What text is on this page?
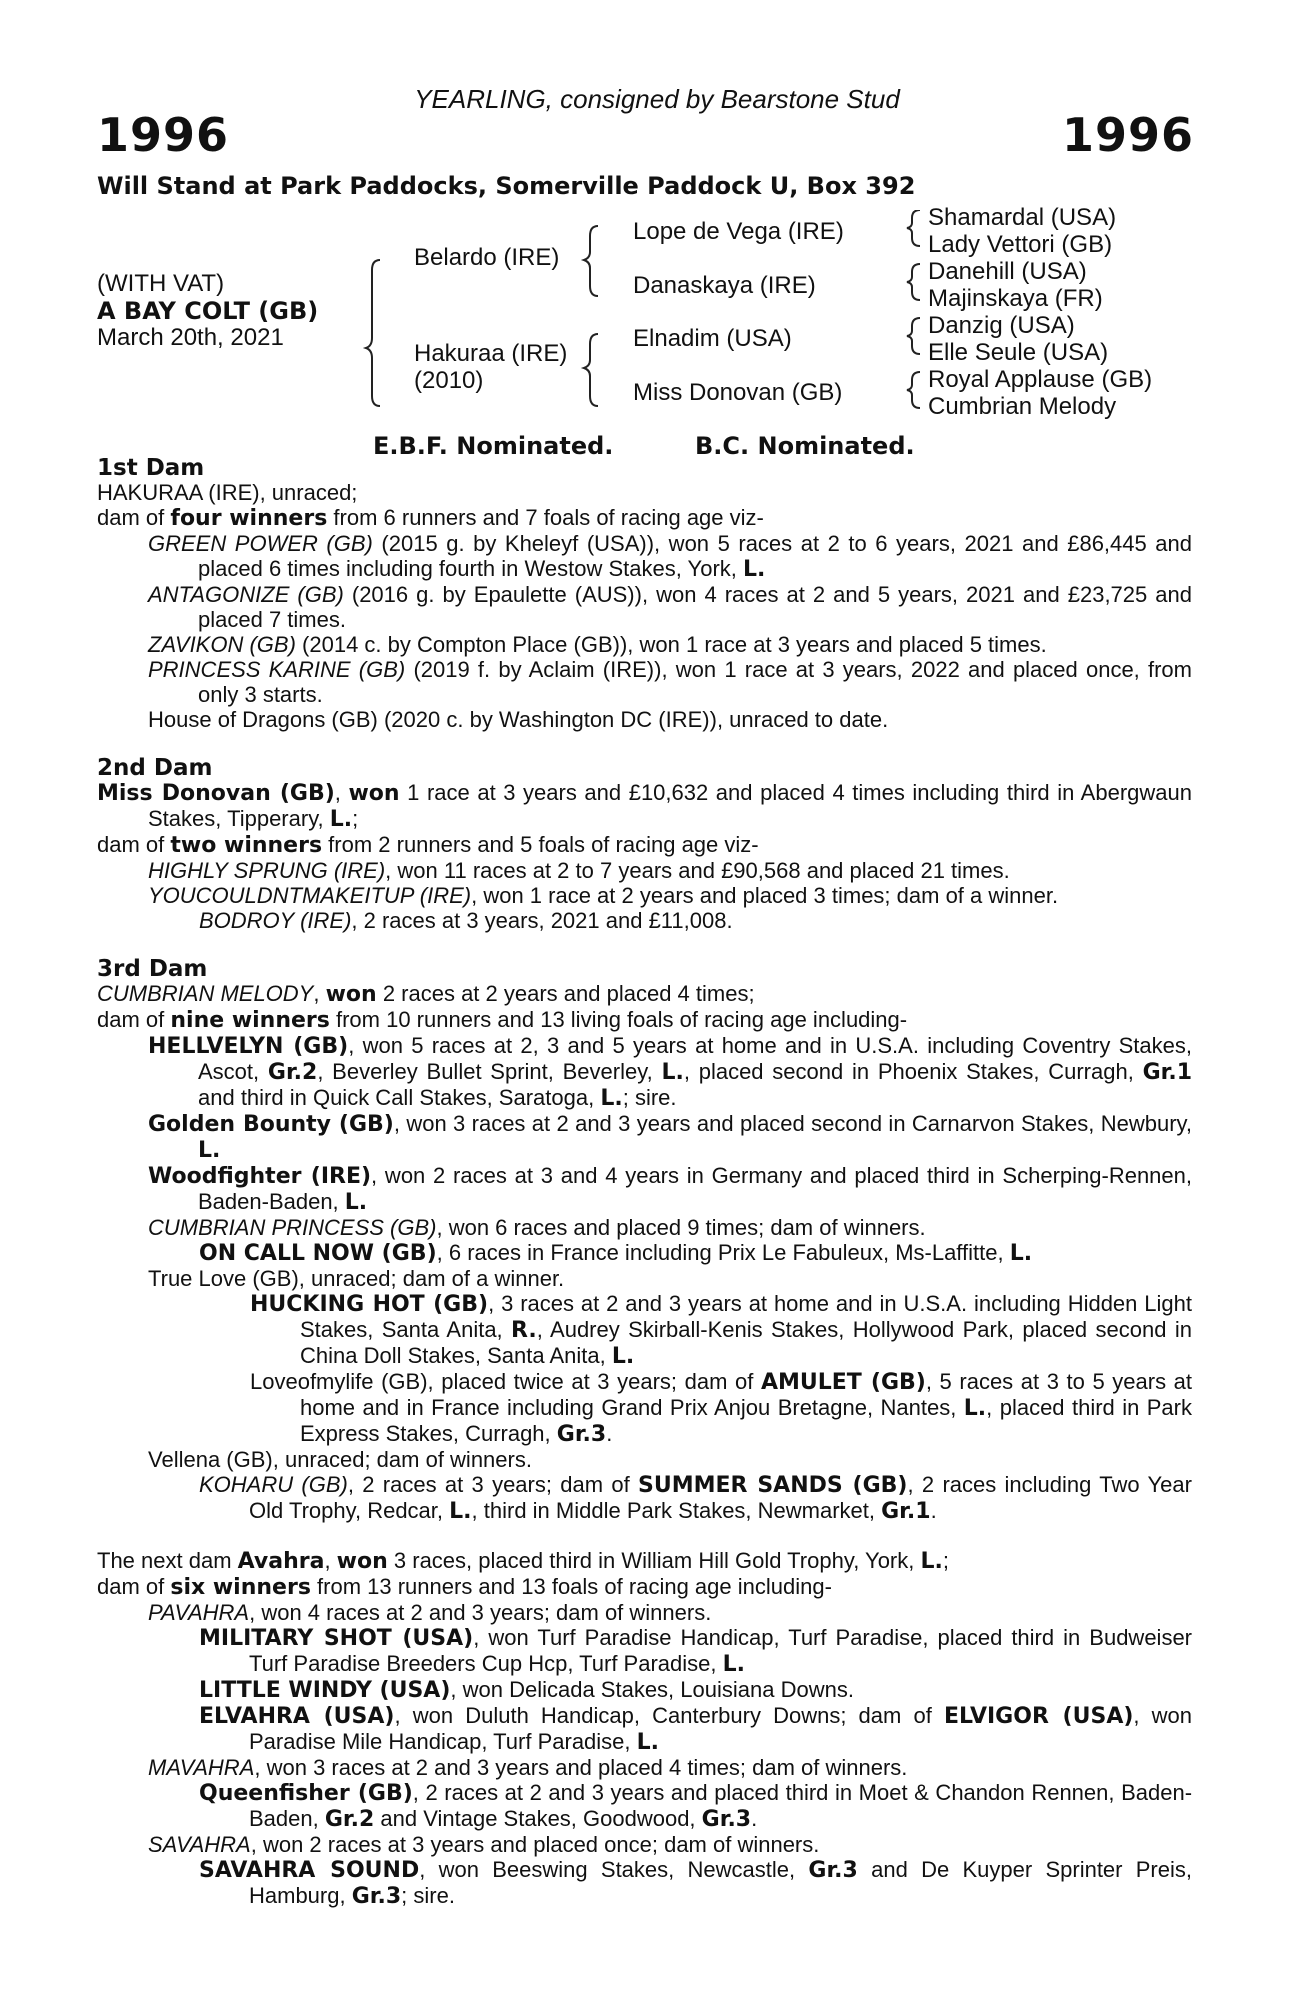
YEARLING, consigned by Bearstone Stud
1996	1996
Will Stand at Park Paddocks, Somerville Paddock U, Box 392
(WITH VAT)
A BAY COLT (GB)
March 20th, 2021
Belardo (IRE)
Hakuraa (IRE)
(2010)
Lope de Vega (IRE)
Danaskaya (IRE)
Elnadim (USA)
Miss Donovan (GB)
Shamardal (USA)
Lady Vettori (GB)
Danehill (USA)
Majinskaya (FR)
Danzig (USA)
Elle Seule (USA)
Royal Applause (GB)
Cumbrian Melody
E.B.F. Nominated.	B.C. Nominated.
1st Dam
HAKURAA (IRE), unraced;
dam of four winners from 6 runners and 7 foals of racing age viz-
GREEN POWER (GB) (2015 g. by Kheleyf (USA)), won 5 races at 2 to 6 years, 2021 and £86,445 and placed 6 times including fourth in Westow Stakes, York, L.
ANTAGONIZE (GB) (2016 g. by Epaulette (AUS)), won 4 races at 2 and 5 years, 2021 and £23,725 and placed 7 times.
ZAVIKON (GB) (2014 c. by Compton Place (GB)), won 1 race at 3 years and placed 5 times.
PRINCESS KARINE (GB) (2019 f. by Aclaim (IRE)), won 1 race at 3 years, 2022 and placed once, from only 3 starts.
House of Dragons (GB) (2020 c. by Washington DC (IRE)), unraced to date.
2nd Dam
Miss Donovan (GB), won 1 race at 3 years and £10,632 and placed 4 times including third in Abergwaun Stakes, Tipperary, L.;
dam of two winners from 2 runners and 5 foals of racing age viz-
HIGHLY SPRUNG (IRE), won 11 races at 2 to 7 years and £90,568 and placed 21 times.
YOUCOULDNTMAKEITUP (IRE), won 1 race at 2 years and placed 3 times; dam of a winner.
BODROY (IRE), 2 races at 3 years, 2021 and £11,008.
3rd Dam
CUMBRIAN MELODY, won 2 races at 2 years and placed 4 times;
dam of nine winners from 10 runners and 13 living foals of racing age including-
HELLVELYN (GB), won 5 races at 2, 3 and 5 years at home and in U.S.A. including Coventry Stakes, Ascot, Gr.2, Beverley Bullet Sprint, Beverley, L., placed second in Phoenix Stakes, Curragh, Gr.1 and third in Quick Call Stakes, Saratoga, L.; sire.
Golden Bounty (GB), won 3 races at 2 and 3 years and placed second in Carnarvon Stakes, Newbury, L.
Woodfighter (IRE), won 2 races at 3 and 4 years in Germany and placed third in Scherping-Rennen, Baden-Baden, L.
CUMBRIAN PRINCESS (GB), won 6 races and placed 9 times; dam of winners.
ON CALL NOW (GB), 6 races in France including Prix Le Fabuleux, Ms-Laffitte, L.
True Love (GB), unraced; dam of a winner.
HUCKING HOT (GB), 3 races at 2 and 3 years at home and in U.S.A. including Hidden Light Stakes, Santa Anita, R., Audrey Skirball-Kenis Stakes, Hollywood Park, placed second in China Doll Stakes, Santa Anita, L.
Loveofmylife (GB), placed twice at 3 years; dam of AMULET (GB), 5 races at 3 to 5 years at home and in France including Grand Prix Anjou Bretagne, Nantes, L., placed third in Park Express Stakes, Curragh, Gr.3.
Vellena (GB), unraced; dam of winners.
KOHARU (GB), 2 races at 3 years; dam of SUMMER SANDS (GB), 2 races including Two Year Old Trophy, Redcar, L., third in Middle Park Stakes, Newmarket, Gr.1.
The next dam Avahra, won 3 races, placed third in William Hill Gold Trophy, York, L.;
dam of six winners from 13 runners and 13 foals of racing age including-
PAVAHRA, won 4 races at 2 and 3 years; dam of winners.
MILITARY SHOT (USA), won Turf Paradise Handicap, Turf Paradise, placed third in Budweiser Turf Paradise Breeders Cup Hcp, Turf Paradise, L.
LITTLE WINDY (USA), won Delicada Stakes, Louisiana Downs.
ELVAHRA (USA), won Duluth Handicap, Canterbury Downs; dam of ELVIGOR (USA), won Paradise Mile Handicap, Turf Paradise, L.
MAVAHRA, won 3 races at 2 and 3 years and placed 4 times; dam of winners.
Queenfisher (GB), 2 races at 2 and 3 years and placed third in Moet & Chandon Rennen, Baden-Baden, Gr.2 and Vintage Stakes, Goodwood, Gr.3.
SAVAHRA, won 2 races at 3 years and placed once; dam of winners.
SAVAHRA SOUND, won Beeswing Stakes, Newcastle, Gr.3 and De Kuyper Sprinter Preis, Hamburg, Gr.3; sire.
